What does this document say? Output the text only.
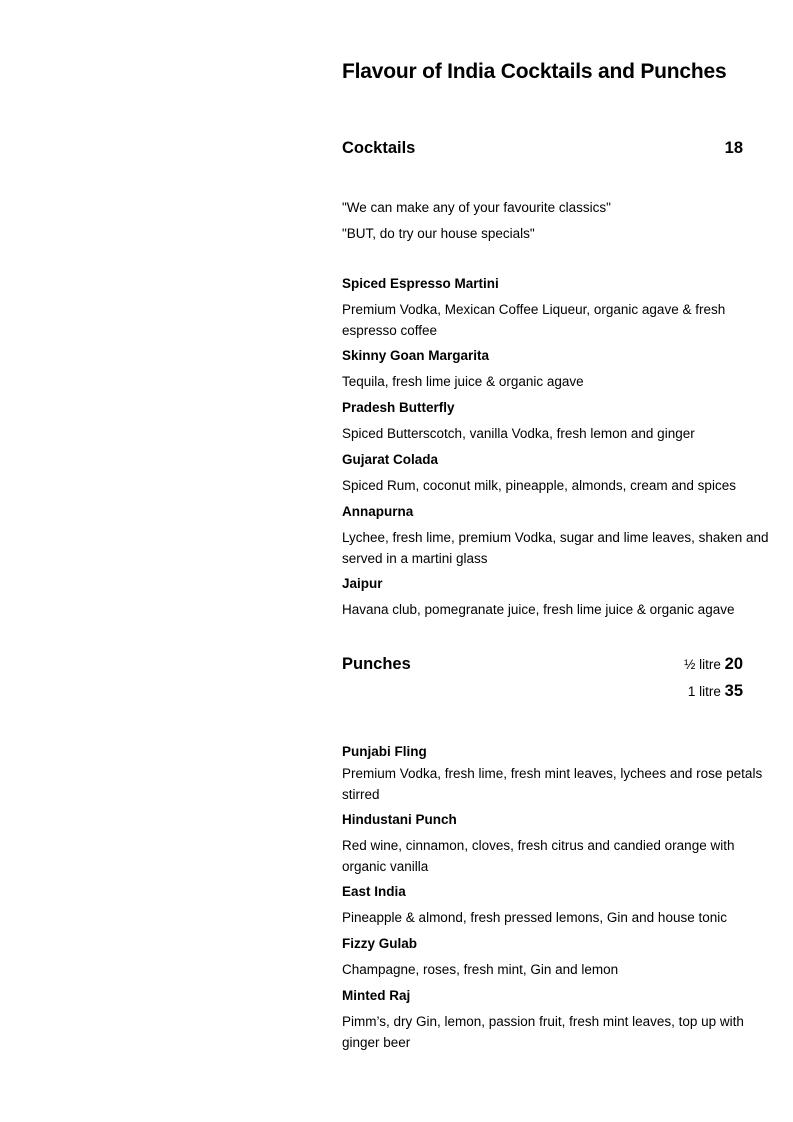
Flavour of India Cocktails and Punches
Cocktails	18
"We can make any of your favourite classics"
"BUT, do try our house specials"
Spiced Espresso Martini
Premium Vodka, Mexican Coffee Liqueur, organic agave & fresh espresso coffee
Skinny Goan Margarita
Tequila, fresh lime juice & organic agave
Pradesh Butterfly
Spiced Butterscotch, vanilla Vodka, fresh lemon and ginger
Gujarat Colada
Spiced Rum, coconut milk, pineapple, almonds, cream and spices
Annapurna
Lychee, fresh lime, premium Vodka, sugar and lime leaves, shaken and served in a martini glass
Jaipur
Havana club, pomegranate juice, fresh lime juice & organic agave
Punches	½ litre 20
1 litre 35
Punjabi Fling
Premium Vodka, fresh lime, fresh mint leaves, lychees and rose petals stirred
Hindustani Punch
Red wine, cinnamon, cloves, fresh citrus and candied orange with organic vanilla
East India
Pineapple & almond, fresh pressed lemons, Gin and house tonic
Fizzy Gulab
Champagne, roses, fresh mint, Gin and lemon
Minted Raj
Pimm’s, dry Gin, lemon, passion fruit, fresh mint leaves, top up with ginger beer
